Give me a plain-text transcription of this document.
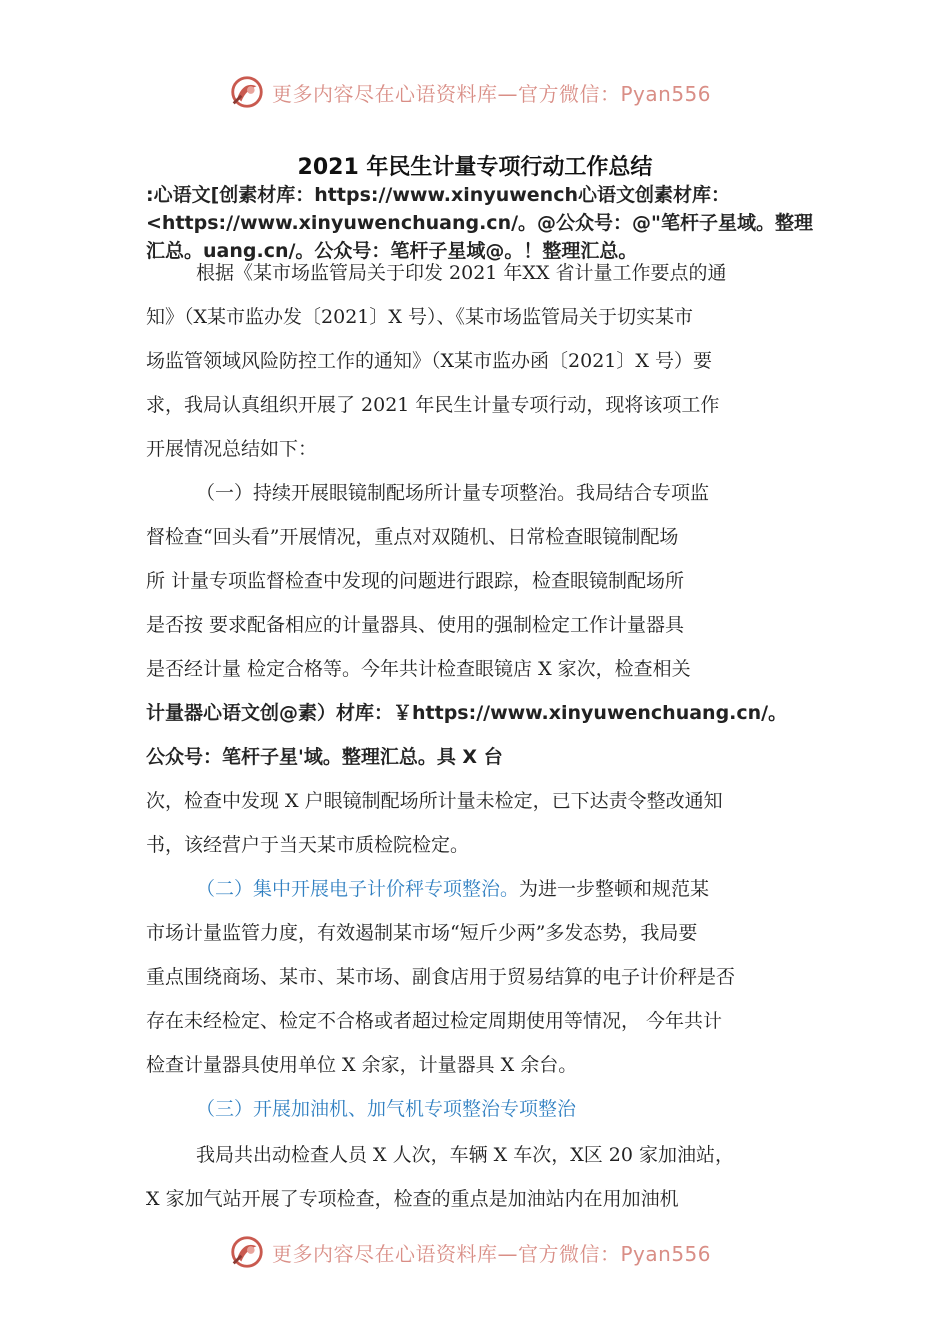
更多内容尽在心语资料库—官方微信：Pyan556
2021 年民生计量专项行动工作总结
:心语文[创素材库：https://www.xinyuwench心语文创素材库：
<https://www.xinyuwenchuang.cn/。@公众号：@"笔杆子星域。整理
汇总。uang.cn/。公众号：笔杆子星域@。！整理汇总。
根据《某市场监管局关于印发 2021 年XX 省计量工作要点的通
知》（X某市监办发〔2021〕X 号）、《某市场监管局关于切实某市
场监管领域风险防控工作的通知》（X某市监办函〔2021〕X 号）要
求，我局认真组织开展了 2021 年民生计量专项行动，现将该项工作
开展情况总结如下：
（一）持续开展眼镜制配场所计量专项整治。我局结合专项监
督检查“回头看”开展情况，重点对双随机、日常检查眼镜制配场
所 计量专项监督检查中发现的问题进行跟踪，检查眼镜制配场所
是否按 要求配备相应的计量器具、使用的强制检定工作计量器具
是否经计量 检定合格等。今年共计检查眼镜店 X 家次，检查相关
计量器心语文创@素）材库：￥https://www.xinyuwenchuang.cn/。
公众号：笔杆子星'域。整理汇总。具 X 台
次，检查中发现 X 户眼镜制配场所计量未检定，已下达责令整改通知
书，该经营户于当天某市质检院检定。
（二）集中开展电子计价秤专项整治。为进一步整顿和规范某
市场计量监管力度，有效遏制某市场“短斤少两”多发态势，我局要
重点围绕商场、某市、某市场、副食店用于贸易结算的电子计价秤是否
存在未经检定、检定不合格或者超过检定周期使用等情况， 今年共计
检查计量器具使用单位 X 余家，计量器具 X 余台。
（三）开展加油机、加气机专项整治专项整治
我局共出动检查人员 X 人次，车辆 X 车次，X区 20 家加油站，
X 家加气站开展了专项检查，检查的重点是加油站内在用加油机
更多内容尽在心语资料库—官方微信：Pyan556
